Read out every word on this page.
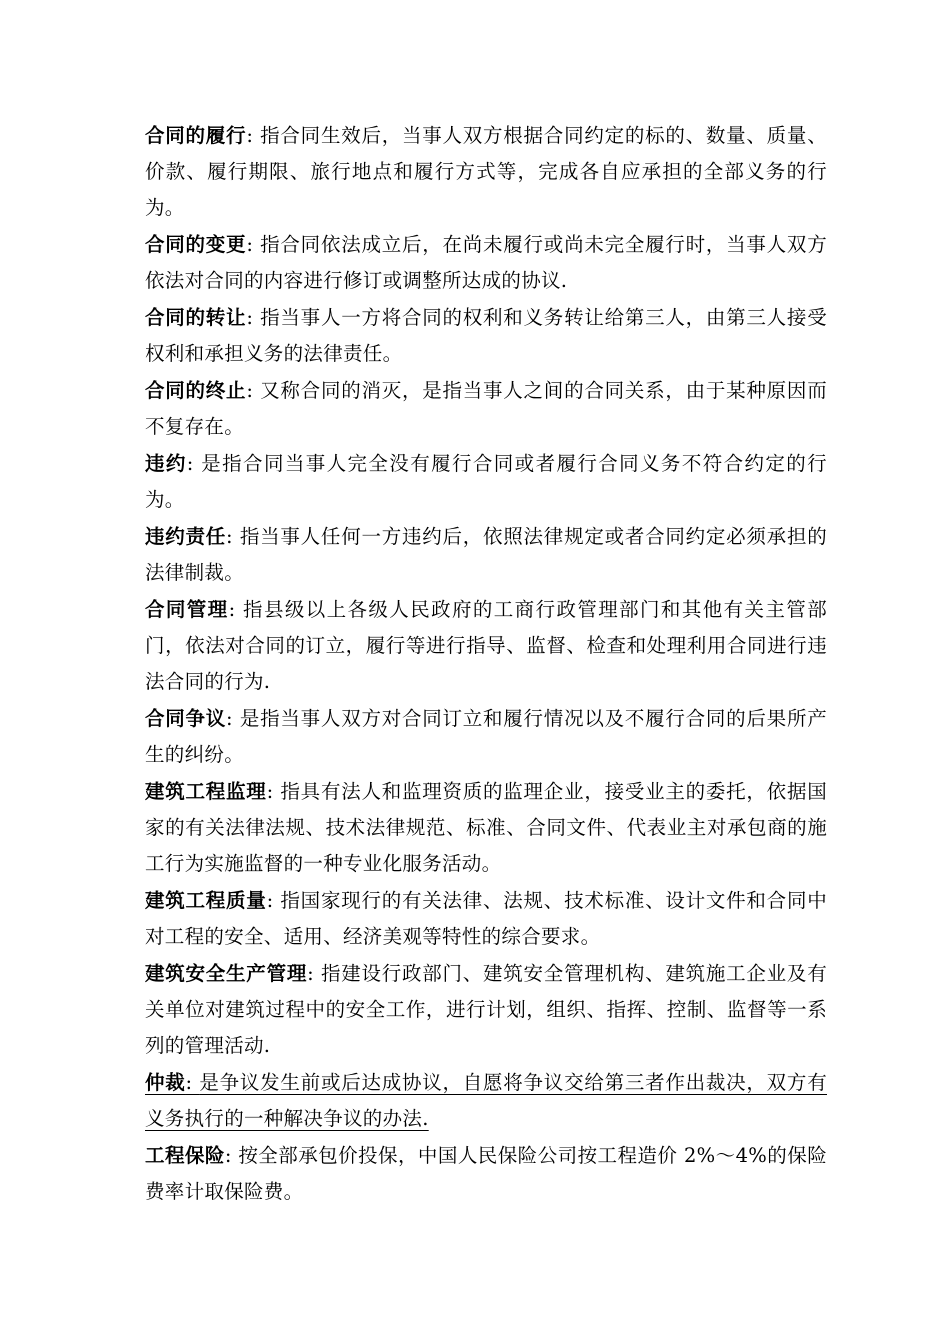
合同的履行: 指合同生效后，当事人双方根据合同约定的标的、数量、质量、价款、履行期限、旅行地点和履行方式等，完成各自应承担的全部义务的行为。

合同的变更: 指合同依法成立后，在尚未履行或尚未完全履行时，当事人双方依法对合同的内容进行修订或调整所达成的协议.

合同的转让: 指当事人一方将合同的权利和义务转让给第三人，由第三人接受权利和承担义务的法律责任。

合同的终止: 又称合同的消灭，是指当事人之间的合同关系，由于某种原因而不复存在。

违约: 是指合同当事人完全没有履行合同或者履行合同义务不符合约定的行为。

违约责任: 指当事人任何一方违约后，依照法律规定或者合同约定必须承担的法律制裁。

合同管理: 指县级以上各级人民政府的工商行政管理部门和其他有关主管部门，依法对合同的订立，履行等进行指导、监督、检查和处理利用合同进行违法合同的行为.

合同争议: 是指当事人双方对合同订立和履行情况以及不履行合同的后果所产生的纠纷。

建筑工程监理: 指具有法人和监理资质的监理企业，接受业主的委托，依据国家的有关法律法规、技术法律规范、标准、合同文件、代表业主对承包商的施工行为实施监督的一种专业化服务活动。

建筑工程质量: 指国家现行的有关法律、法规、技术标准、设计文件和合同中对工程的安全、适用、经济美观等特性的综合要求。

建筑安全生产管理: 指建设行政部门、建筑安全管理机构、建筑施工企业及有关单位对建筑过程中的安全工作，进行计划，组织、指挥、控制、监督等一系列的管理活动.

仲裁: 是争议发生前或后达成协议，自愿将争议交给第三者作出裁决，双方有义务执行的一种解决争议的办法.

工程保险: 按全部承包价投保，中国人民保险公司按工程造价 2%～4%的保险费率计取保险费。
